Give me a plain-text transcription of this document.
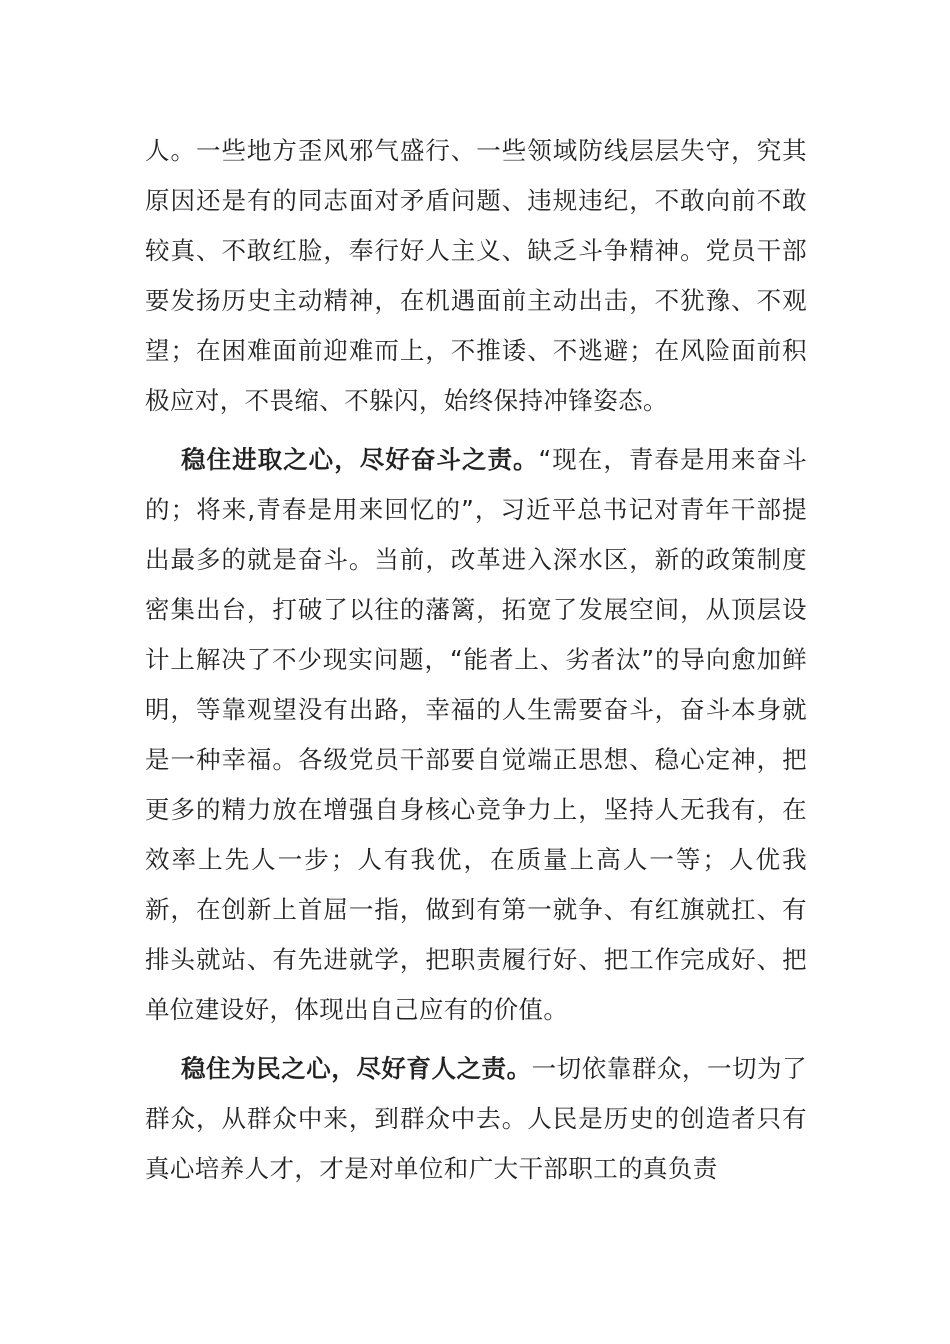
人。一些地方歪风邪气盛行、一些领域防线层层失守，究其原因还是有的同志面对矛盾问题、违规违纪，不敢向前不敢较真、不敢红脸，奉行好人主义、缺乏斗争精神。党员干部要发扬历史主动精神，在机遇面前主动出击，不犹豫、不观望；在困难面前迎难而上，不推诿、不逃避；在风险面前积极应对，不畏缩、不躲闪，始终保持冲锋姿态。

稳住进取之心，尽好奋斗之责。“现在，青春是用来奋斗的；将来,青春是用来回忆的”，习近平总书记对青年干部提出最多的就是奋斗。当前，改革进入深水区，新的政策制度密集出台，打破了以往的藩篱，拓宽了发展空间，从顶层设计上解决了不少现实问题，“能者上、劣者汰”的导向愈加鲜明，等靠观望没有出路，幸福的人生需要奋斗，奋斗本身就是一种幸福。各级党员干部要自觉端正思想、稳心定神，把更多的精力放在增强自身核心竞争力上，坚持人无我有，在效率上先人一步；人有我优，在质量上高人一等；人优我新，在创新上首屈一指，做到有第一就争、有红旗就扛、有排头就站、有先进就学，把职责履行好、把工作完成好、把单位建设好，体现出自己应有的价值。

稳住为民之心，尽好育人之责。一切依靠群众，一切为了群众，从群众中来，到群众中去。人民是历史的创造者只有真心培养人才，才是对单位和广大干部职工的真负责
